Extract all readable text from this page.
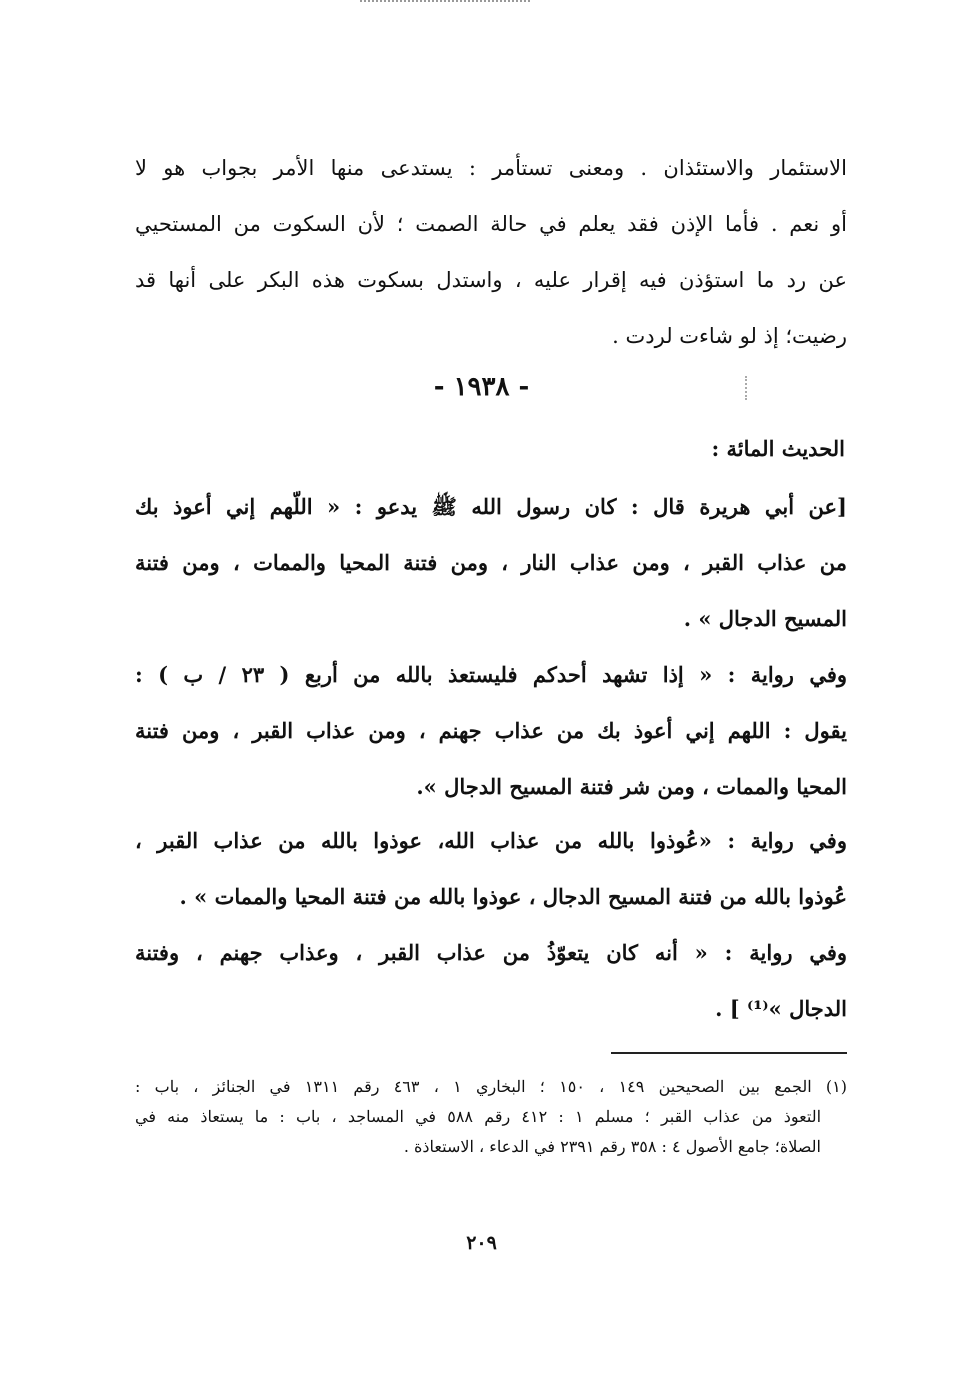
الاستئمار والاستئذان . ومعنى تستأمر : يستدعى منها الأمر بجواب هو لا
أو نعم . فأما الإذن فقد يعلم في حالة الصمت ؛ لأن السكوت من المستحيي
عن رد ما استؤذن فيه إقرار عليه ، واستدل بسكوت هذه البكر على أنها قد
رضيت؛ إذ لو شاءت لردت .
- ١٩٣٨ -
الحديث المائة :
[عن أبي هريرة قال : كان رسول الله ﷺ يدعو : « اللّهم إني أعوذ بك
من عذاب القبر ، ومن عذاب النار ، ومن فتنة المحيا والممات ، ومن فتنة
المسيح الدجال » .
وفي رواية : « إذا تشهد أحدكم فليستعذ بالله من أربع ( ٢٣ / ب ) :
يقول : اللهم إني أعوذ بك من عذاب جهنم ، ومن عذاب القبر ، ومن فتنة
المحيا والممات ، ومن شر فتنة المسيح الدجال ».
وفي رواية : «عُوذوا بالله من عذاب الله، عوذوا بالله من عذاب القبر ،
عُوذوا بالله من فتنة المسيح الدجال ، عوذوا بالله من فتنة المحيا والممات » .
وفي رواية : « أنه كان يتعوّذُ من عذاب القبر ، وعذاب جهنم ، وفتنة
الدجال »⁽¹⁾ ] .
(١) الجمع بين الصحيحين ١٤٩ ، ١٥٠ ؛ البخاري ١ ، ٤٦٣ رقم ١٣١١ في الجنائز ، باب :
التعوذ من عذاب القبر ؛ مسلم ١ : ٤١٢ رقم ٥٨٨ في المساجد ، باب : ما يستعاذ منه في
الصلاة؛ جامع الأصول ٤ : ٣٥٨ رقم ٢٣٩١ في الدعاء ، الاستعاذة .
٢٠٩
